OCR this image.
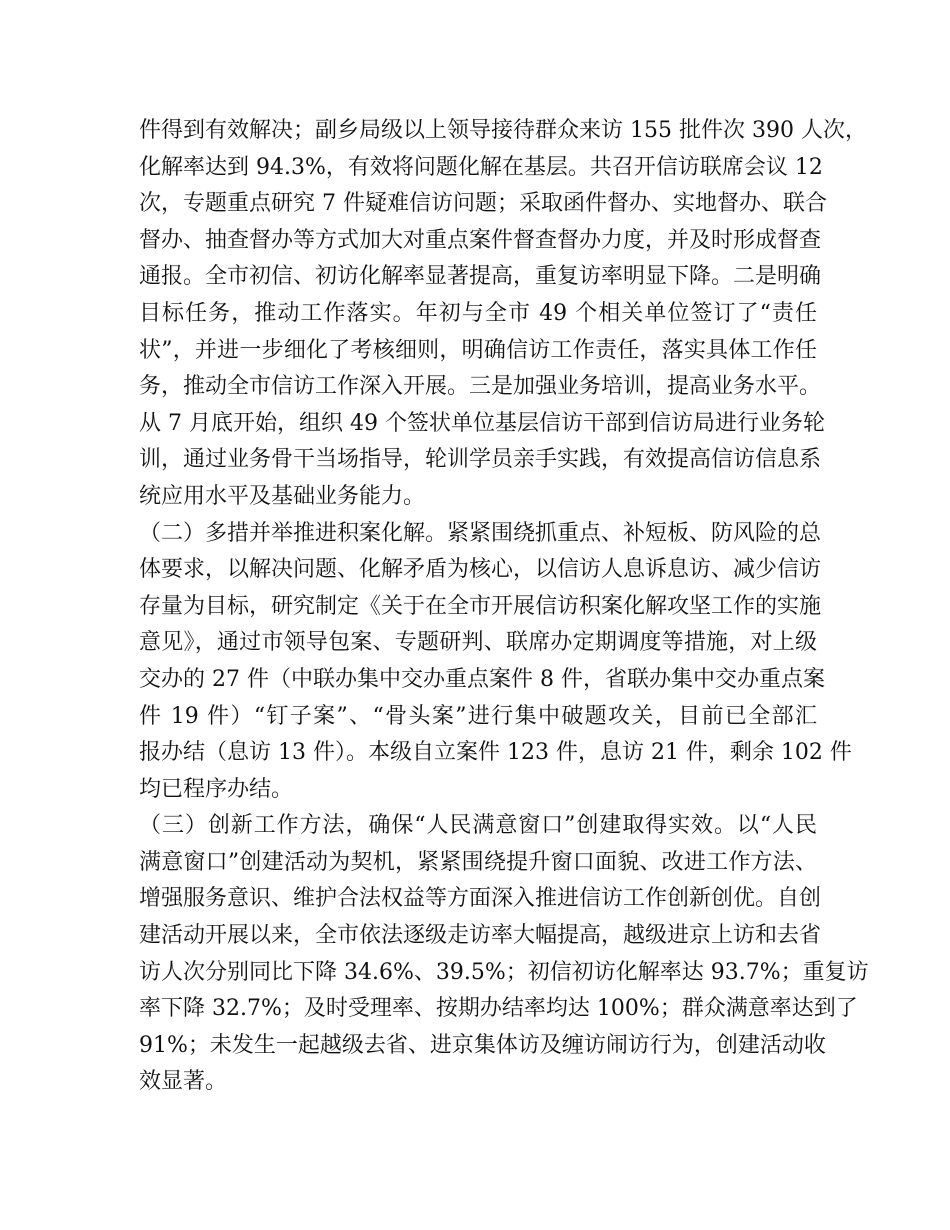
件得到有效解决；副乡局级以上领导接待群众来访 155 批件次 390 人次，
化解率达到 94.3%，有效将问题化解在基层。共召开信访联席会议 12
次，专题重点研究 7 件疑难信访问题；采取函件督办、实地督办、联合
督办、抽查督办等方式加大对重点案件督查督办力度，并及时形成督查
通报。全市初信、初访化解率显著提高，重复访率明显下降。二是明确
目标任务，推动工作落实。年初与全市 49 个相关单位签订了“责任
状”，并进一步细化了考核细则，明确信访工作责任，落实具体工作任
务，推动全市信访工作深入开展。三是加强业务培训，提高业务水平。
从 7 月底开始，组织 49 个签状单位基层信访干部到信访局进行业务轮
训，通过业务骨干当场指导，轮训学员亲手实践，有效提高信访信息系
统应用水平及基础业务能力。
（二）多措并举推进积案化解。紧紧围绕抓重点、补短板、防风险的总
体要求，以解决问题、化解矛盾为核心，以信访人息诉息访、减少信访
存量为目标，研究制定《关于在全市开展信访积案化解攻坚工作的实施
意见》，通过市领导包案、专题研判、联席办定期调度等措施，对上级
交办的 27 件（中联办集中交办重点案件 8 件，省联办集中交办重点案
件 19 件）“钉子案”、“骨头案”进行集中破题攻关，目前已全部汇
报办结（息访 13 件）。本级自立案件 123 件，息访 21 件，剩余 102 件
均已程序办结。
（三）创新工作方法，确保“人民满意窗口”创建取得实效。以“人民
满意窗口”创建活动为契机，紧紧围绕提升窗口面貌、改进工作方法、
增强服务意识、维护合法权益等方面深入推进信访工作创新创优。自创
建活动开展以来，全市依法逐级走访率大幅提高，越级进京上访和去省
访人次分别同比下降 34.6%、39.5%；初信初访化解率达 93.7%；重复访
率下降 32.7%；及时受理率、按期办结率均达 100%；群众满意率达到了
91%；未发生一起越级去省、进京集体访及缠访闹访行为，创建活动收
效显著。
